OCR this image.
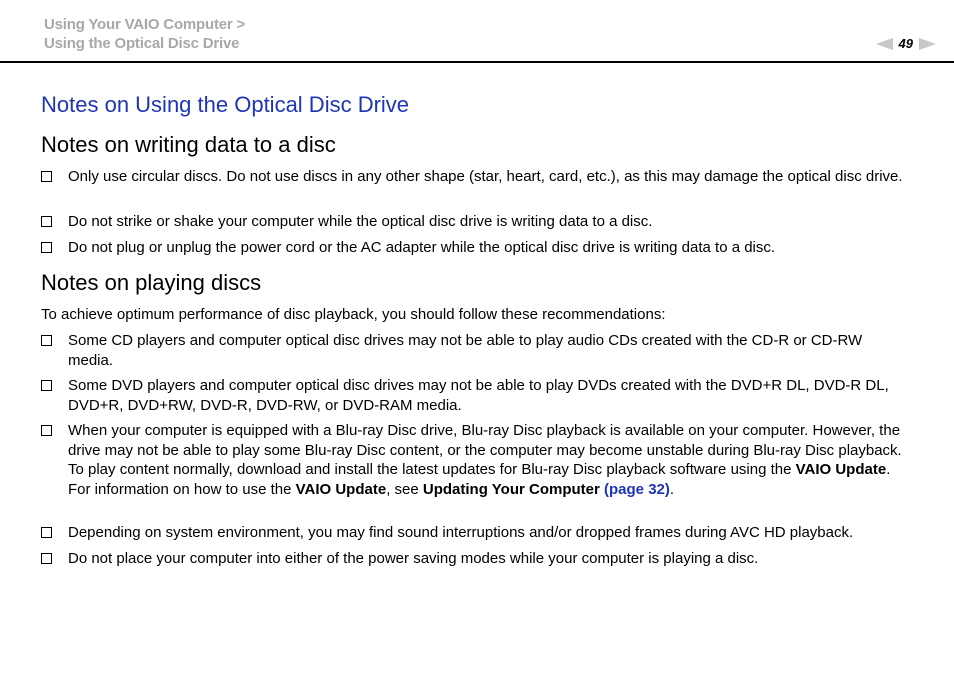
Using Your VAIO Computer >
Using the Optical Disc Drive	49
Notes on Using the Optical Disc Drive
Notes on writing data to a disc
Only use circular discs. Do not use discs in any other shape (star, heart, card, etc.), as this may damage the optical disc drive.
Do not strike or shake your computer while the optical disc drive is writing data to a disc.
Do not plug or unplug the power cord or the AC adapter while the optical disc drive is writing data to a disc.
Notes on playing discs
To achieve optimum performance of disc playback, you should follow these recommendations:
Some CD players and computer optical disc drives may not be able to play audio CDs created with the CD-R or CD-RW media.
Some DVD players and computer optical disc drives may not be able to play DVDs created with the DVD+R DL, DVD-R DL, DVD+R, DVD+RW, DVD-R, DVD-RW, or DVD-RAM media.
When your computer is equipped with a Blu-ray Disc drive, Blu-ray Disc playback is available on your computer. However, the drive may not be able to play some Blu-ray Disc content, or the computer may become unstable during Blu-ray Disc playback. To play content normally, download and install the latest updates for Blu-ray Disc playback software using the VAIO Update.
For information on how to use the VAIO Update, see Updating Your Computer (page 32).
Depending on system environment, you may find sound interruptions and/or dropped frames during AVC HD playback.
Do not place your computer into either of the power saving modes while your computer is playing a disc.
